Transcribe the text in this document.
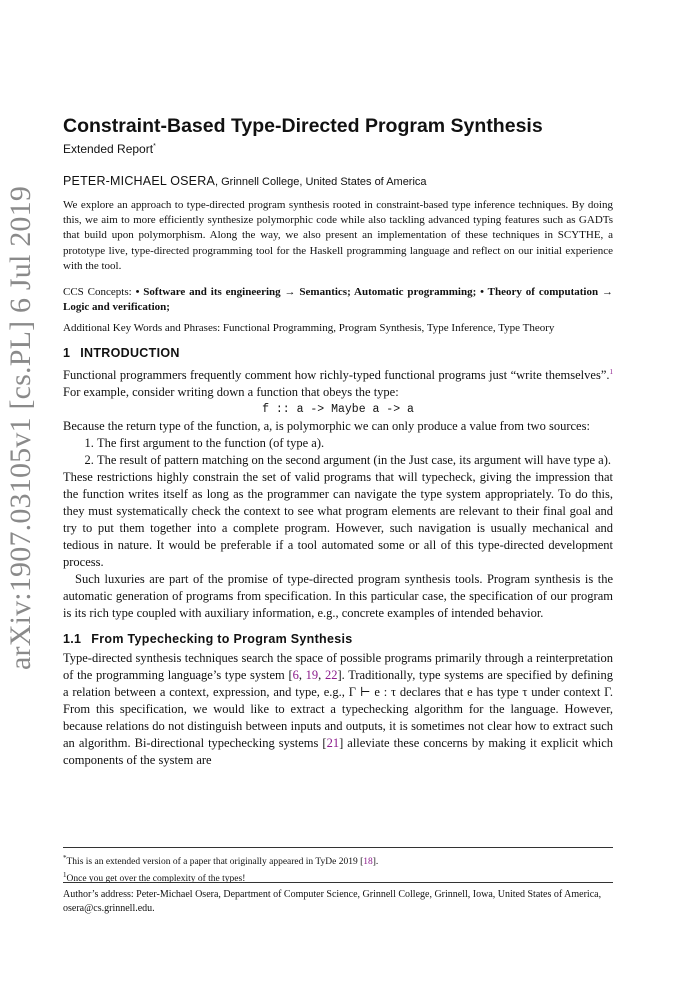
arXiv:1907.03105v1 [cs.PL] 6 Jul 2019
Constraint-Based Type-Directed Program Synthesis
Extended Report*
PETER-MICHAEL OSERA, Grinnell College, United States of America

We explore an approach to type-directed program synthesis rooted in constraint-based type inference techniques. By doing this, we aim to more efficiently synthesize polymorphic code while also tackling advanced typing features such as GADTs that build upon polymorphism. Along the way, we also present an implementation of these techniques in SCYTHE, a prototype live, type-directed programming tool for the Haskell programming language and reflect on our initial experience with the tool.

CCS Concepts: • Software and its engineering → Semantics; Automatic programming; • Theory of computation → Logic and verification;
Additional Key Words and Phrases: Functional Programming, Program Synthesis, Type Inference, Type Theory
1 INTRODUCTION

Functional programmers frequently comment how richly-typed functional programs just “write themselves”.$^1$ For example, consider writing down a function that obeys the type:

f :: a -> Maybe a -> a

Because the return type of the function, a, is polymorphic we can only produce a value from two sources:

1. The first argument to the function (of type a).
2. The result of pattern matching on the second argument (in the Just case, its argument will have type a).

These restrictions highly constrain the set of valid programs that will typecheck, giving the impression that the function writes itself as long as the programmer can navigate the type system appropriately. To do this, they must systematically check the context to see what program elements are relevant to their final goal and try to put them together into a complete program. However, such navigation is usually mechanical and tedious in nature. It would be preferable if a tool automated some or all of this type-directed development process.

Such luxuries are part of the promise of type-directed program synthesis tools. Program synthesis is the automatic generation of programs from specification. In this particular case, the specification of our program is its rich type coupled with auxiliary information, e.g., concrete examples of intended behavior.

1.1 From Typechecking to Program Synthesis

Type-directed synthesis techniques search the space of possible programs primarily through a reinterpretation of the programming language’s type system [6, 19, 22]. Traditionally, type systems are specified by defining a relation between a context, expression, and type, e.g., Γ ⊢ e : τ declares that e has type τ under context Γ. From this specification, we would like to extract a typechecking algorithm for the language. However, because relations do not distinguish between inputs and outputs, it is sometimes not clear how to extract such an algorithm. Bi-directional typechecking systems [21] alleviate these concerns by making it explicit which components of the system are

*This is an extended version of a paper that originally appeared in TyDe 2019 [18].
$^1$Once you get over the complexity of the types!
Author’s address: Peter-Michael Osera, Department of Computer Science, Grinnell College, Grinnell, Iowa, United States of America, osera@cs.grinnell.edu.
